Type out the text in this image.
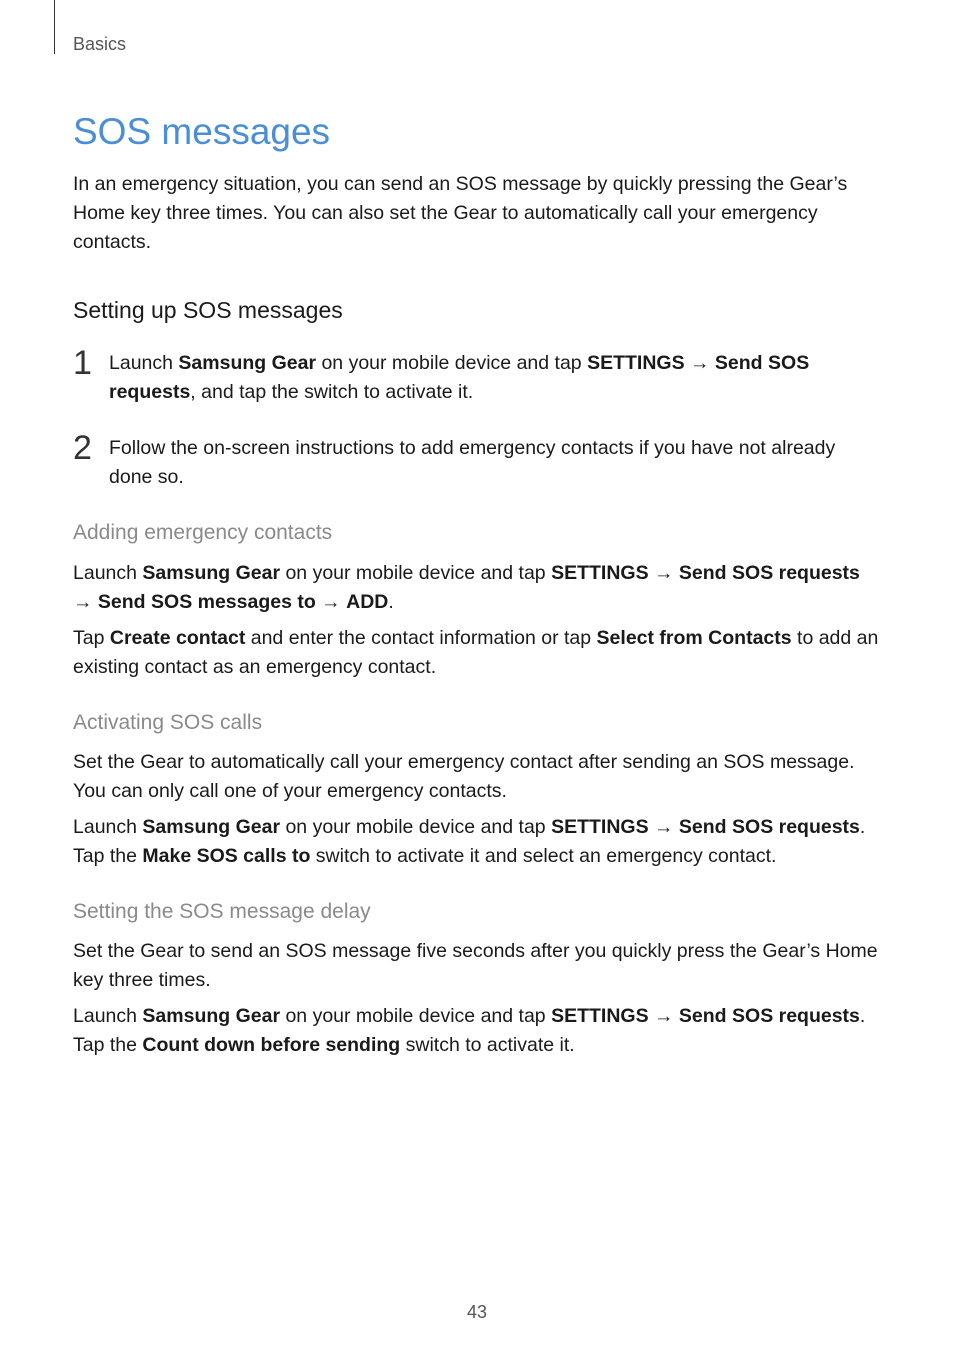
Basics
SOS messages

In an emergency situation, you can send an SOS message by quickly pressing the Gear’s Home key three times. You can also set the Gear to automatically call your emergency contacts.

Setting up SOS messages
1 Launch Samsung Gear on your mobile device and tap SETTINGS → Send SOS requests, and tap the switch to activate it.

2 Follow the on-screen instructions to add emergency contacts if you have not already done so.

Adding emergency contacts

Launch Samsung Gear on your mobile device and tap SETTINGS → Send SOS requests → Send SOS messages to → ADD.

Tap Create contact and enter the contact information or tap Select from Contacts to add an existing contact as an emergency contact.

Activating SOS calls

Set the Gear to automatically call your emergency contact after sending an SOS message. You can only call one of your emergency contacts.

Launch Samsung Gear on your mobile device and tap SETTINGS → Send SOS requests. Tap the Make SOS calls to switch to activate it and select an emergency contact.

Setting the SOS message delay

Set the Gear to send an SOS message five seconds after you quickly press the Gear’s Home key three times.

Launch Samsung Gear on your mobile device and tap SETTINGS → Send SOS requests. Tap the Count down before sending switch to activate it.

43
